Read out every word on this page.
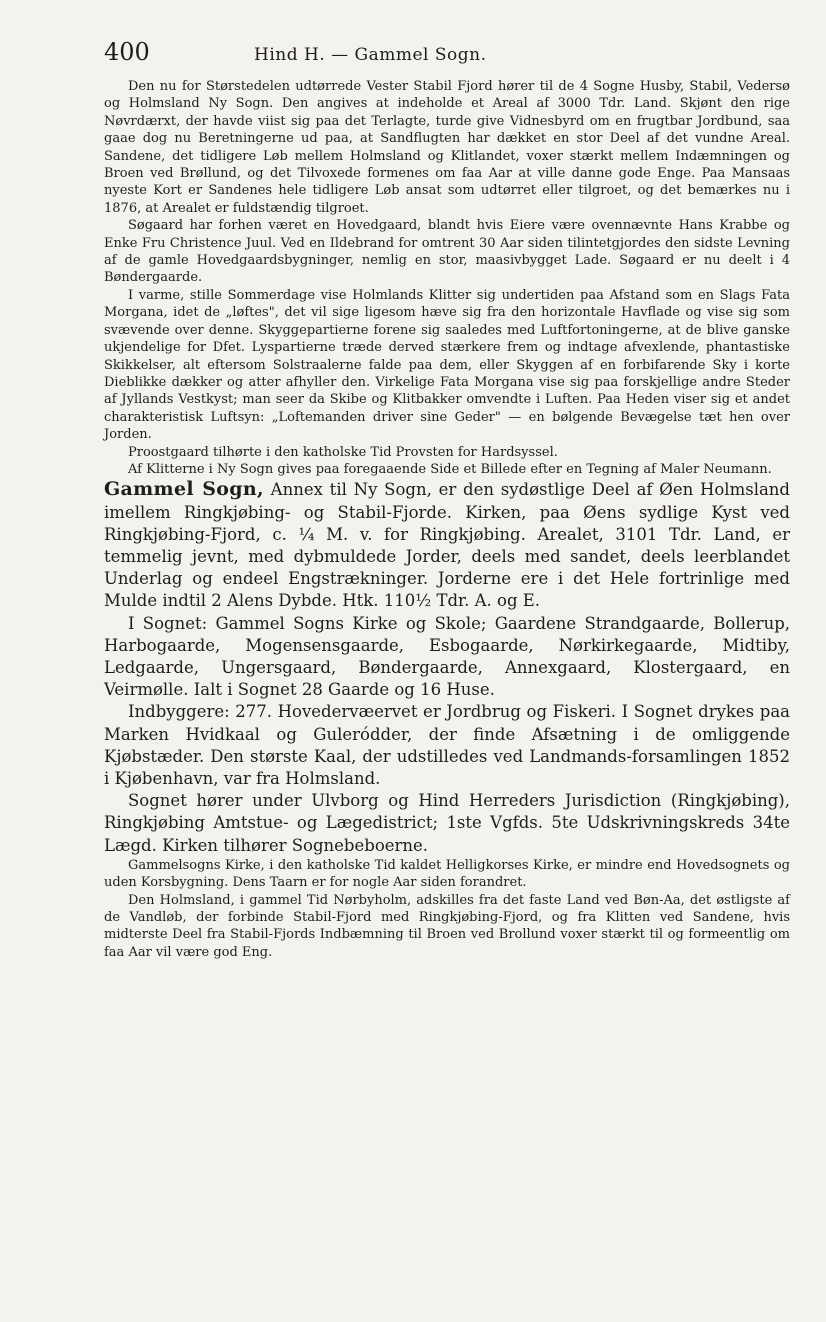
400	Hind H. — Gammel Sogn.

Den nu for Størstedelen udtørrede Vester Stabil Fjord hører til de 4 Sogne Husby, Stabil, Vedersø og Holmsland Ny Sogn. Den angives at indeholde et Areal af 3000 Tdr. Land. Skjønt den rige Nøvrdærxt, der havde viist sig paa det Terlagte, turde give Vidnesbyrd om en frugtbar Jordbund, saa gaae dog nu Beretningerne ud paa, at Sandflugten har dækket en stor Deel af det vundne Areal. Sandene, det tidligere Løb mellem Holmsland og Klitlandet, voxer stærkt mellem Indæmningen og Broen ved Brøllund, og det Tilvoxede formenes om faa Aar at ville danne gode Enge. Paa Mansaas nyeste Kort er Sandenes hele tidligere Løb ansat som udtørret eller tilgroet, og det bemærkes nu i 1876, at Arealet er fuldstændig tilgroet.

Søgaard har forhen været en Hovedgaard, blandt hvis Eiere være ovennævnte Hans Krabbe og Enke Fru Christence Juul. Ved en Ildebrand for omtrent 30 Aar siden tilintetgjordes den sidste Levning af de gamle Hovedgaardsbygninger, nemlig en stor, maasivbygget Lade. Søgaard er nu deelt i 4 Bøndergaarde.

I varme, stille Sommerdage vise Holmlands Klitter sig undertiden paa Afstand som en Slags Fata Morgana, idet de „løftes", det vil sige ligesom hæve sig fra den horizontale Havflade og vise sig som svævende over denne. Skyggepartierne forene sig saaledes med Luftfortoningerne, at de blive ganske ukjendelige for Dfet. Lyspartierne træde derved stærkere frem og indtage afvexlende, phantastiske Skikkelser, alt eftersom Solstraalerne falde paa dem, eller Skyggen af en forbifarende Sky i korte Dieblikke dækker og atter afhyller den. Virkelige Fata Morgana vise sig paa forskjellige andre Steder af Jyllands Vestkyst; man seer da Skibe og Klitbakker omvendte i Luften. Paa Heden viser sig et andet charakteristisk Luftsyn: „Loftemanden driver sine Geder" — en bølgende Bevægelse tæt hen over Jorden.

Proostgaard tilhørte i den katholske Tid Provsten for Hardsyssel.

Af Klitterne i Ny Sogn gives paa foregaaende Side et Billede efter en Tegning af Maler Neumann.

Gammel Sogn, Annex til Ny Sogn, er den sydøstlige Deel af Øen Holmsland imellem Ringkjøbing- og Stabil-Fjorde. Kirken, paa Øens sydlige Kyst ved Ringkjøbing-Fjord, c. ¼ M. v. for Ringkjøbing. Arealet, 3101 Tdr. Land, er temmelig jevnt, med dybmuldede Jorder, deels med sandet, deels leerblandet Underlag og endeel Engstrækninger. Jorderne ere i det Hele fortrinlige med Mulde indtil 2 Alens Dybde. Htk. 110½ Tdr. A. og E.

I Sognet: Gammel Sogns Kirke og Skole; Gaardene Strandgaarde, Bollerup, Harbogaarde, Mogensensgaarde, Esbogaarde, Nørkirkegaarde, Midtiby, Ledgaarde, Ungersgaard, Bøndergaarde, Annexgaard, Klostergaard, en Veirmølle. Ialt i Sognet 28 Gaarde og 16 Huse.

Indbyggere: 277. Hovedervæervet er Jordbrug og Fiskeri. I Sognet drykes paa Marken Hvidkaal og Guleródder, der finde Afsætning i de omliggende Kjøbstæder. Den største Kaal, der udstilledes ved Landmands-forsamlingen 1852 i Kjøbenhavn, var fra Holmsland.

Sognet hører under Ulvborg og Hind Herreders Jurisdiction (Ringkjøbing), Ringkjøbing Amtstue- og Lægedistrict; 1ste Vgfds. 5te Udskrivningskreds 34te Lægd. Kirken tilhører Sognebeboerne.

Gammelsogns Kirke, i den katholske Tid kaldet Helligkorses Kirke, er mindre end Hovedsognets og uden Korsbygning. Dens Taarn er for nogle Aar siden forandret.

Den Holmsland, i gammel Tid Nørbyholm, adskilles fra det faste Land ved Bøn-Aa, det østligste af de Vandløb, der forbinde Stabil-Fjord med Ringkjøbing-Fjord, og fra Klitten ved Sandene, hvis midterste Deel fra Stabil-Fjords Indbæmning til Broen ved Brollund voxer stærkt til og formeentlig om faa Aar vil være god Eng.
